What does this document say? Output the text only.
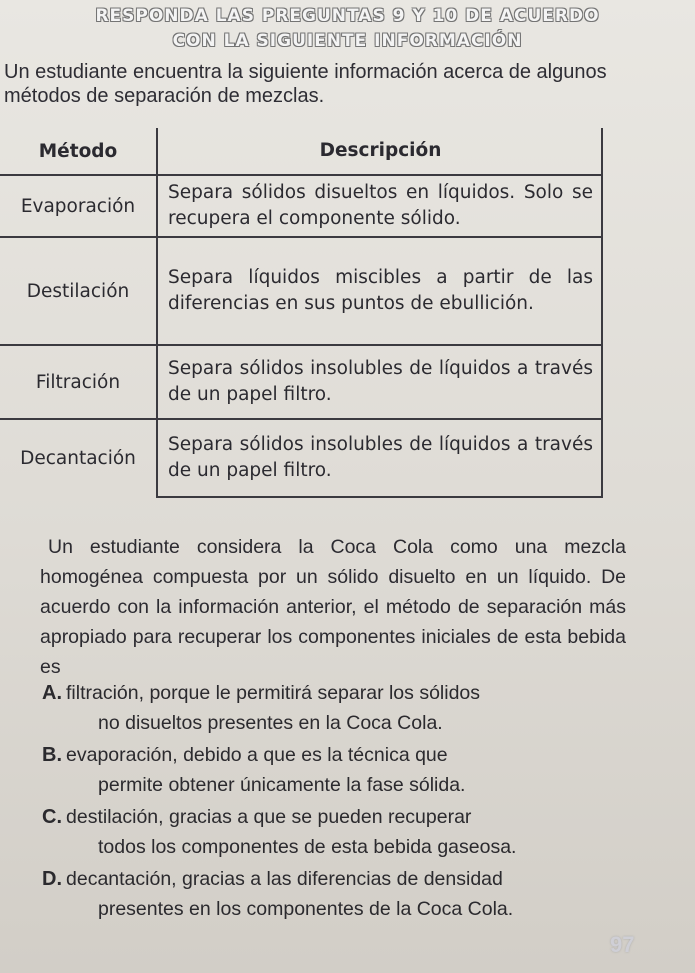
RESPONDA LAS PREGUNTAS 9 Y 10 DE ACUERDO
CON LA SIGUIENTE INFORMACIÓN
Un estudiante encuentra la siguiente información acerca de algunos métodos de separación de mezclas.
Método	Descripción
Evaporación	Separa sólidos disueltos en líquidos. Solo se recupera el componente sólido.
Destilación	Separa líquidos miscibles a partir de las diferencias en sus puntos de ebullición.
Filtración	Separa sólidos insolubles de líquidos a través de un papel filtro.
Decantación	Separa sólidos insolubles de líquidos a través de un papel filtro.

Un estudiante considera la Coca Cola como una mezcla homogénea compuesta por un sólido disuelto en un líquido. De acuerdo con la información anterior, el método de separación más apropiado para recuperar los componentes iniciales de esta bebida es

A. filtración, porque le permitirá separar los sólidos
no disueltos presentes en la Coca Cola.
B. evaporación, debido a que es la técnica que
permite obtener únicamente la fase sólida.
C. destilación, gracias a que se pueden recuperar
todos los componentes de esta bebida gaseosa.
D. decantación, gracias a las diferencias de densidad
presentes en los componentes de la Coca Cola.
97
